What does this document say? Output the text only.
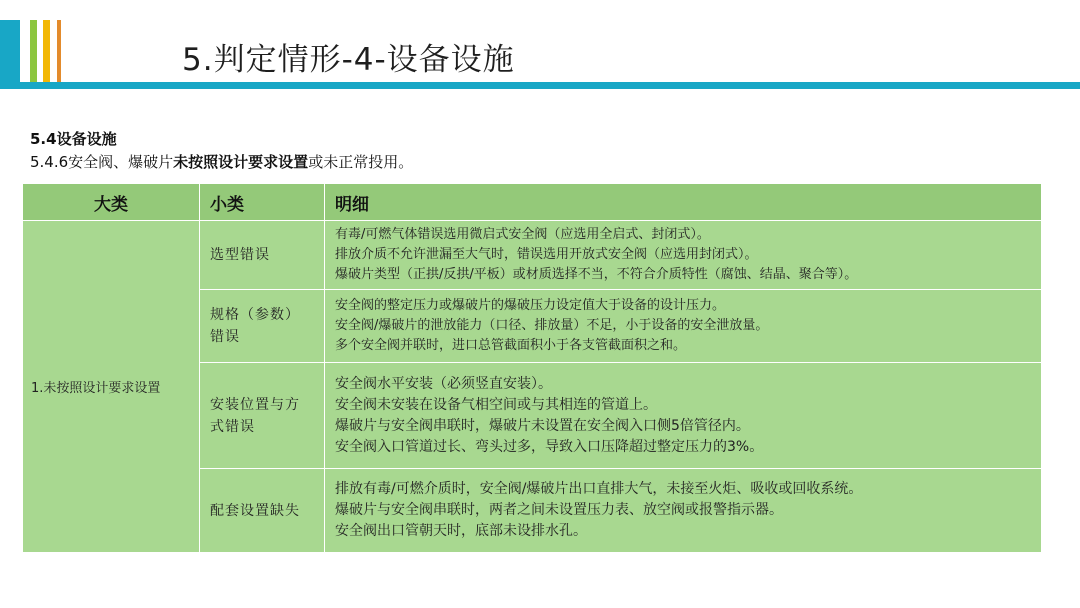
5.判定情形-4-设备设施
5.4设备设施
5.4.6安全阀、爆破片未按照设计要求设置或未正常投用。
大类	小类	明细
1.未按照设计要求设置	选型错误	有毒/可燃气体错误选用微启式安全阀（应选用全启式、封闭式）。
排放介质不允许泄漏至大气时，错误选用开放式安全阀（应选用封闭式）。
爆破片类型（正拱/反拱/平板）或材质选择不当，不符合介质特性（腐蚀、结晶、聚合等）。

	规格（参数）错误	安全阀的整定压力或爆破片的爆破压力设定值大于设备的设计压力。
安全阀/爆破片的泄放能力（口径、排放量）不足，小于设备的安全泄放量。
多个安全阀并联时，进口总管截面积小于各支管截面积之和。

	安装位置与方式错误	安全阀水平安装（必须竖直安装）。
安全阀未安装在设备气相空间或与其相连的管道上。
爆破片与安全阀串联时，爆破片未设置在安全阀入口侧5倍管径内。
安全阀入口管道过长、弯头过多，导致入口压降超过整定压力的3%。

	配套设置缺失	排放有毒/可燃介质时，安全阀/爆破片出口直排大气，未接至火炬、吸收或回收系统。
爆破片与安全阀串联时，两者之间未设置压力表、放空阀或报警指示器。
安全阀出口管朝天时，底部未设排水孔。
